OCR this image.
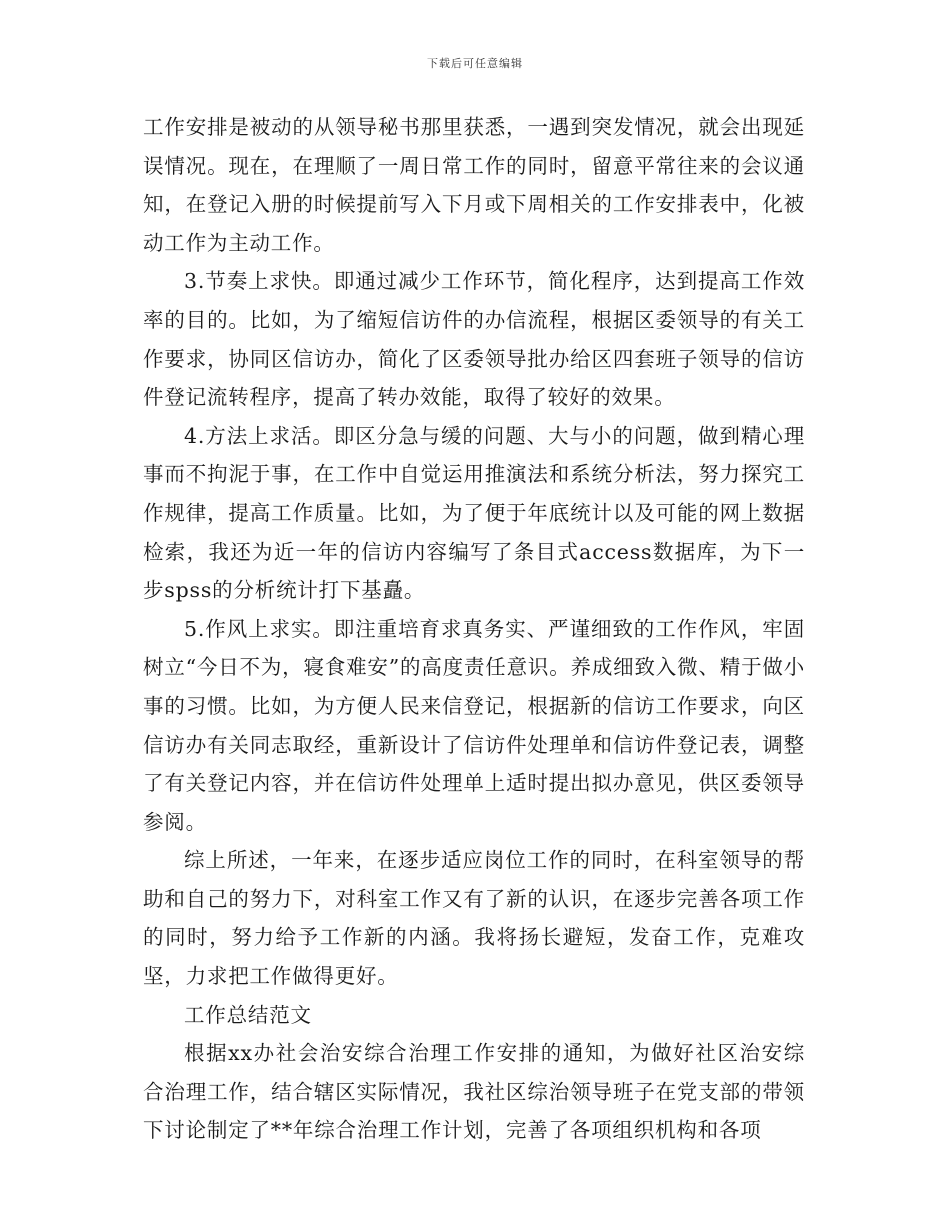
下载后可任意编辑

工作安排是被动的从领导秘书那里获悉，一遇到突发情况，就会出现延误情况。现在，在理顺了一周日常工作的同时，留意平常往来的会议通知，在登记入册的时候提前写入下月或下周相关的工作安排表中，化被动工作为主动工作。

3.节奏上求快。即通过减少工作环节，简化程序，达到提高工作效率的目的。比如，为了缩短信访件的办信流程，根据区委领导的有关工作要求，协同区信访办，简化了区委领导批办给区四套班子领导的信访件登记流转程序，提高了转办效能，取得了较好的效果。

4.方法上求活。即区分急与缓的问题、大与小的问题，做到精心理事而不拘泥于事，在工作中自觉运用推演法和系统分析法，努力探究工作规律，提高工作质量。比如，为了便于年底统计以及可能的网上数据检索，我还为近一年的信访内容编写了条目式access数据库，为下一步spss的分析统计打下基矗。

5.作风上求实。即注重培育求真务实、严谨细致的工作作风，牢固树立“今日不为，寝食难安”的高度责任意识。养成细致入微、精于做小事的习惯。比如，为方便人民来信登记，根据新的信访工作要求，向区信访办有关同志取经，重新设计了信访件处理单和信访件登记表，调整了有关登记内容，并在信访件处理单上适时提出拟办意见，供区委领导参阅。

综上所述，一年来，在逐步适应岗位工作的同时，在科室领导的帮助和自己的努力下，对科室工作又有了新的认识，在逐步完善各项工作的同时，努力给予工作新的内涵。我将扬长避短，发奋工作，克难攻坚，力求把工作做得更好。

工作总结范文

根据xx办社会治安综合治理工作安排的通知，为做好社区治安综合治理工作，结合辖区实际情况，我社区综治领导班子在党支部的带领下讨论制定了**年综合治理工作计划，完善了各项组织机构和各项
